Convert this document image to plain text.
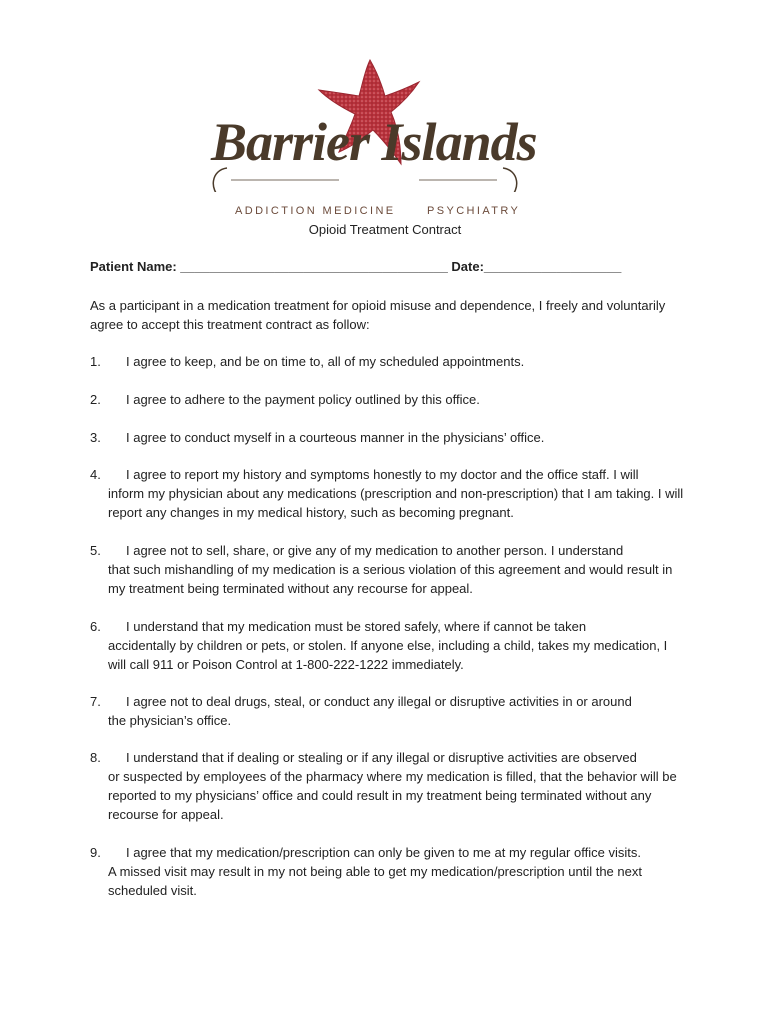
Barrier Islands
ADDICTION MEDICINE	PSYCHIATRY
Opioid Treatment Contract
Patient Name: _____________________________________ Date:___________________
As a participant in a medication treatment for opioid misuse and dependence, I freely and voluntarily agree to accept this treatment contract as follow:
1. I agree to keep, and be on time to, all of my scheduled appointments.
2. I agree to adhere to the payment policy outlined by this office.
3. I agree to conduct myself in a courteous manner in the physicians’ office.
4. I agree to report my history and symptoms honestly to my doctor and the office staff. I will
inform my physician about any medications (prescription and non-prescription) that I am taking. I will report any changes in my medical history, such as becoming pregnant.
5. I agree not to sell, share, or give any of my medication to another person. I understand
that such mishandling of my medication is a serious violation of this agreement and would result in my treatment being terminated without any recourse for appeal.
6. I understand that my medication must be stored safely, where if cannot be taken
accidentally by children or pets, or stolen. If anyone else, including a child, takes my medication, I will call 911 or Poison Control at 1-800-222-1222 immediately.
7. I agree not to deal drugs, steal, or conduct any illegal or disruptive activities in or around
the physician’s office.
8. I understand that if dealing or stealing or if any illegal or disruptive activities are observed
or suspected by employees of the pharmacy where my medication is filled, that the behavior will be reported to my physicians’ office and could result in my treatment being terminated without any recourse for appeal.
9. I agree that my medication/prescription can only be given to me at my regular office visits.
A missed visit may result in my not being able to get my medication/prescription until the next scheduled visit.
